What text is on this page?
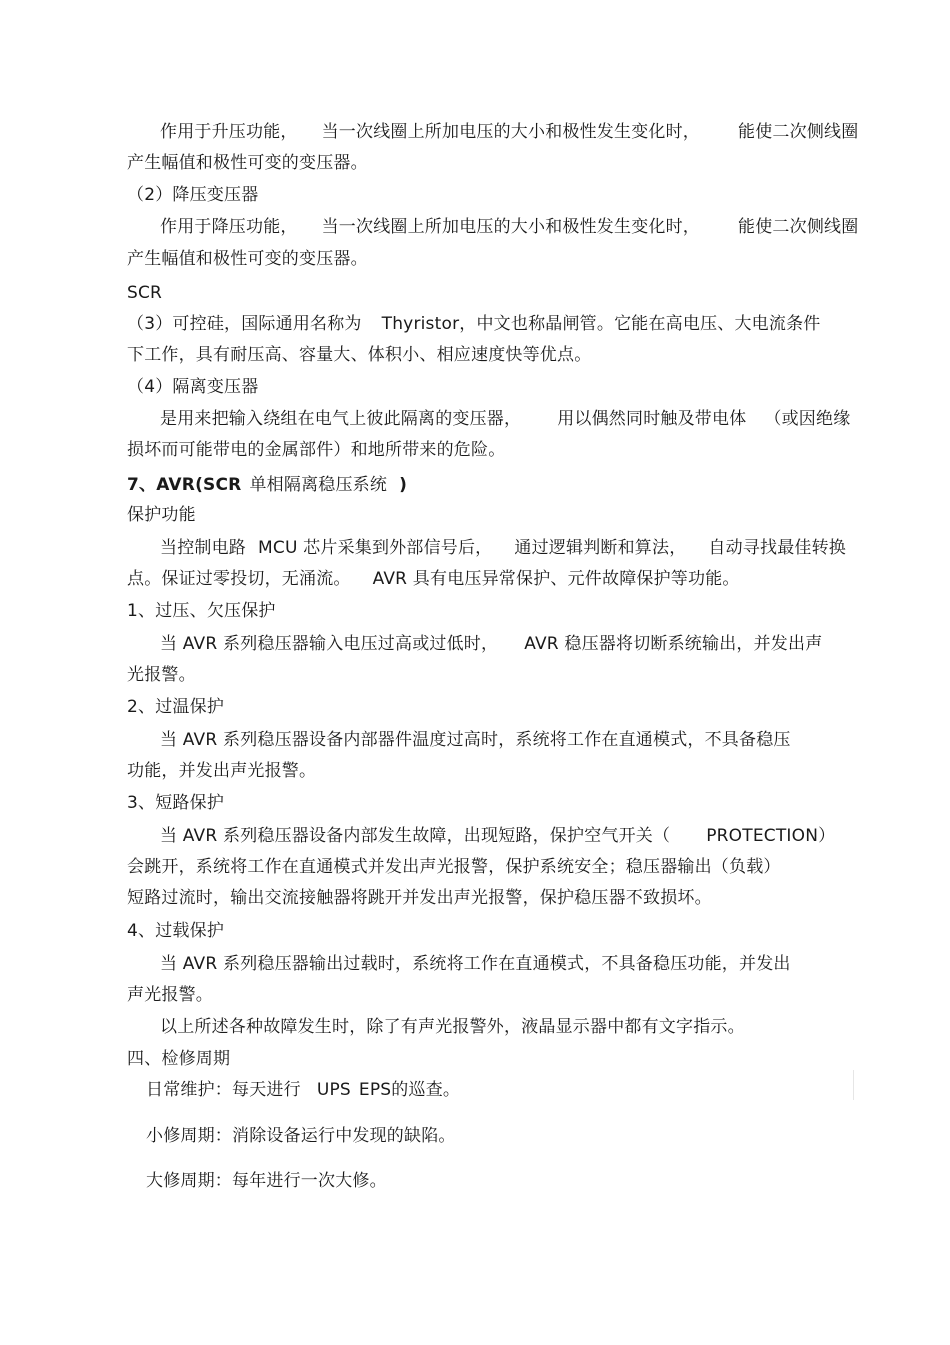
作用于升压功能， 当一次线圈上所加电压的大小和极性发生变化时， 能使二次侧线圈
产生幅值和极性可变的变压器。
（2）降压变压器
作用于降压功能， 当一次线圈上所加电压的大小和极性发生变化时， 能使二次侧线圈
产生幅值和极性可变的变压器。
SCR
（3）可控硅，国际通用名称为 Thyristor，中文也称晶闸管。它能在高电压、大电流条件
下工作，具有耐压高、容量大、体积小、相应速度快等优点。
（4）隔离变压器
是用来把输入绕组在电气上彼此隔离的变压器， 用以偶然同时触及带电体 （或因绝缘
损坏而可能带电的金属部件）和地所带来的危险。
7、AVR(SCR 单相隔离稳压系统 )
保护功能
当控制电路 MCU 芯片采集到外部信号后， 通过逻辑判断和算法， 自动寻找最佳转换
点。保证过零投切，无涌流。 AVR 具有电压异常保护、元件故障保护等功能。
1、过压、欠压保护
当 AVR 系列稳压器输入电压过高或过低时， AVR 稳压器将切断系统输出，并发出声
光报警。
2、过温保护
当 AVR 系列稳压器设备内部器件温度过高时，系统将工作在直通模式，不具备稳压
功能，并发出声光报警。
3、短路保护
当 AVR 系列稳压器设备内部发生故障，出现短路，保护空气开关（ PROTECTION）
会跳开，系统将工作在直通模式并发出声光报警，保护系统安全；稳压器输出（负载）
短路过流时，输出交流接触器将跳开并发出声光报警，保护稳压器不致损坏。
4、过载保护
当 AVR 系列稳压器输出过载时，系统将工作在直通模式，不具备稳压功能，并发出
声光报警。
以上所述各种故障发生时，除了有声光报警外，液晶显示器中都有文字指示。
四、检修周期
日常维护：每天进行 UPS EPS的巡查。
小修周期：消除设备运行中发现的缺陷。
大修周期：每年进行一次大修。
